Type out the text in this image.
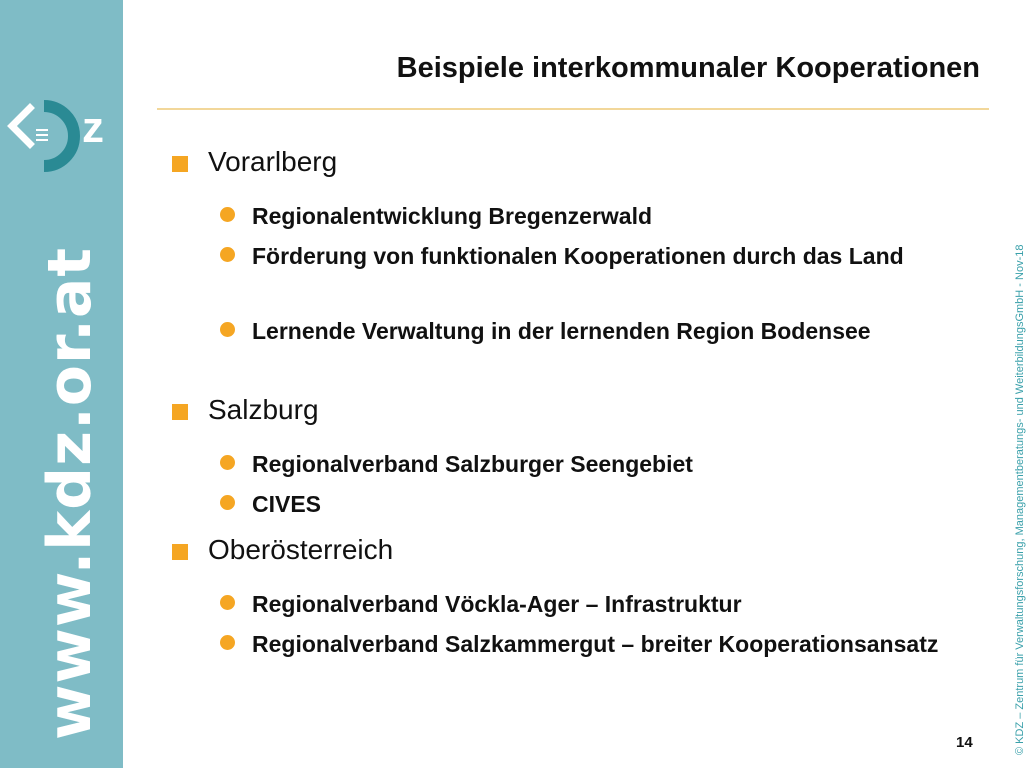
z
www.kdz.or.at
Beispiele interkommunaler Kooperationen
Vorarlberg
Regionalentwicklung Bregenzerwald
Förderung von funktionalen Kooperationen durch das Land
Lernende Verwaltung in der lernenden Region Bodensee
Salzburg
Regionalverband Salzburger Seengebiet
CIVES
Oberösterreich
Regionalverband Vöckla-Ager – Infrastruktur
Regionalverband Salzkammergut – breiter Kooperationsansatz	© KDZ – Zentrum für Verwaltungsforschung, Managementberatungs- und WeiterbildungsGmbH - Nov-18
14
